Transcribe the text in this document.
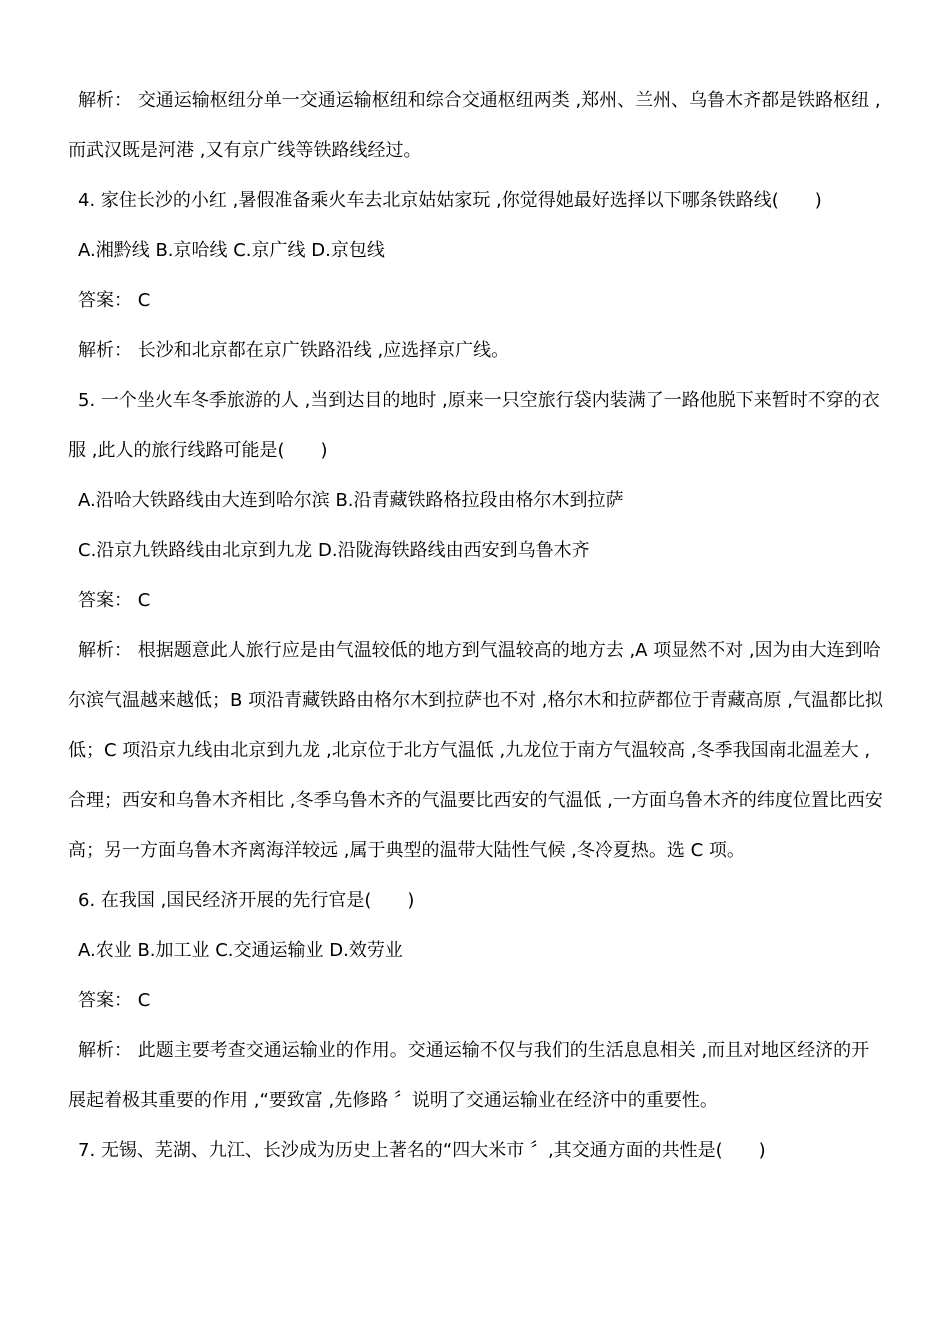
解析： 交通运输枢纽分单一交通运输枢纽和综合交通枢纽两类 ,郑州、兰州、乌鲁木齐都是铁路枢纽 ,而武汉既是河港 ,又有京广线等铁路线经过。

4. 家住长沙的小红 ,暑假准备乘火车去北京姑姑家玩 ,你觉得她最好选择以下哪条铁路线(　　)

A.湘黔线 B.京哈线 C.京广线 D.京包线

答案： C

解析： 长沙和北京都在京广铁路沿线 ,应选择京广线。

5. 一个坐火车冬季旅游的人 ,当到达目的地时 ,原来一只空旅行袋内装满了一路他脱下来暂时不穿的衣服 ,此人的旅行线路可能是(　　)

A.沿哈大铁路线由大连到哈尔滨 B.沿青藏铁路格拉段由格尔木到拉萨

C.沿京九铁路线由北京到九龙 D.沿陇海铁路线由西安到乌鲁木齐

答案： C

解析： 根据题意此人旅行应是由气温较低的地方到气温较高的地方去 ,A 项显然不对 ,因为由大连到哈尔滨气温越来越低；B 项沿青藏铁路由格尔木到拉萨也不对 ,格尔木和拉萨都位于青藏高原 ,气温都比拟低；C 项沿京九线由北京到九龙 ,北京位于北方气温低 ,九龙位于南方气温较高 ,冬季我国南北温差大 ,合理；西安和乌鲁木齐相比 ,冬季乌鲁木齐的气温要比西安的气温低 ,一方面乌鲁木齐的纬度位置比西安高；另一方面乌鲁木齐离海洋较远 ,属于典型的温带大陆性气候 ,冬冷夏热。选 C 项。

6. 在我国 ,国民经济开展的先行官是(　　)

A.农业 B.加工业 C.交通运输业 D.效劳业

答案： C

解析： 此题主要考查交通运输业的作用。交通运输不仅与我们的生活息息相关 ,而且对地区经济的开展起着极其重要的作用 ,“要致富 ,先修路 〞说明了交通运输业在经济中的重要性。

7. 无锡、芜湖、九江、长沙成为历史上著名的“四大米市 〞,其交通方面的共性是(　　)
